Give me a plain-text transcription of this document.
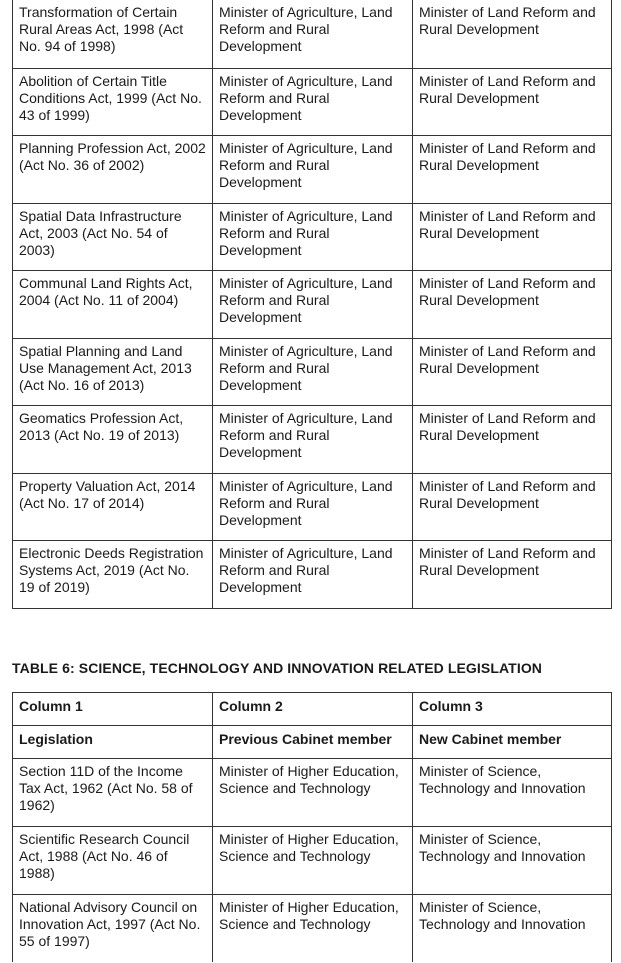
Transformation of Certain Rural Areas Act, 1998 (Act No. 94 of 1998)	Minister of Agriculture, Land Reform and Rural Development	Minister of Land Reform and Rural Development
Abolition of Certain Title Conditions Act, 1999 (Act No. 43 of 1999)	Minister of Agriculture, Land Reform and Rural Development	Minister of Land Reform and Rural Development
Planning Profession Act, 2002 (Act No. 36 of 2002)	Minister of Agriculture, Land Reform and Rural Development	Minister of Land Reform and Rural Development
Spatial Data Infrastructure Act, 2003 (Act No. 54 of 2003)	Minister of Agriculture, Land Reform and Rural Development	Minister of Land Reform and Rural Development
Communal Land Rights Act, 2004 (Act No. 11 of 2004)	Minister of Agriculture, Land Reform and Rural Development	Minister of Land Reform and Rural Development
Spatial Planning and Land Use Management Act, 2013 (Act No. 16 of 2013)	Minister of Agriculture, Land Reform and Rural Development	Minister of Land Reform and Rural Development
Geomatics Profession Act, 2013 (Act No. 19 of 2013)	Minister of Agriculture, Land Reform and Rural Development	Minister of Land Reform and Rural Development
Property Valuation Act, 2014 (Act No. 17 of 2014)	Minister of Agriculture, Land Reform and Rural Development	Minister of Land Reform and Rural Development
Electronic Deeds Registration Systems Act, 2019 (Act No. 19 of 2019)	Minister of Agriculture, Land Reform and Rural Development	Minister of Land Reform and Rural Development
TABLE 6: SCIENCE, TECHNOLOGY AND INNOVATION RELATED LEGISLATION
Column 1	Column 2	Column 3
Legislation	Previous Cabinet member	New Cabinet member
Section 11D of the Income Tax Act, 1962 (Act No. 58 of 1962)	Minister of Higher Education, Science and Technology	Minister of Science, Technology and Innovation
Scientific Research Council Act, 1988 (Act No. 46 of 1988)	Minister of Higher Education, Science and Technology	Minister of Science, Technology and Innovation
National Advisory Council on Innovation Act, 1997 (Act No. 55 of 1997)	Minister of Higher Education, Science and Technology	Minister of Science, Technology and Innovation
